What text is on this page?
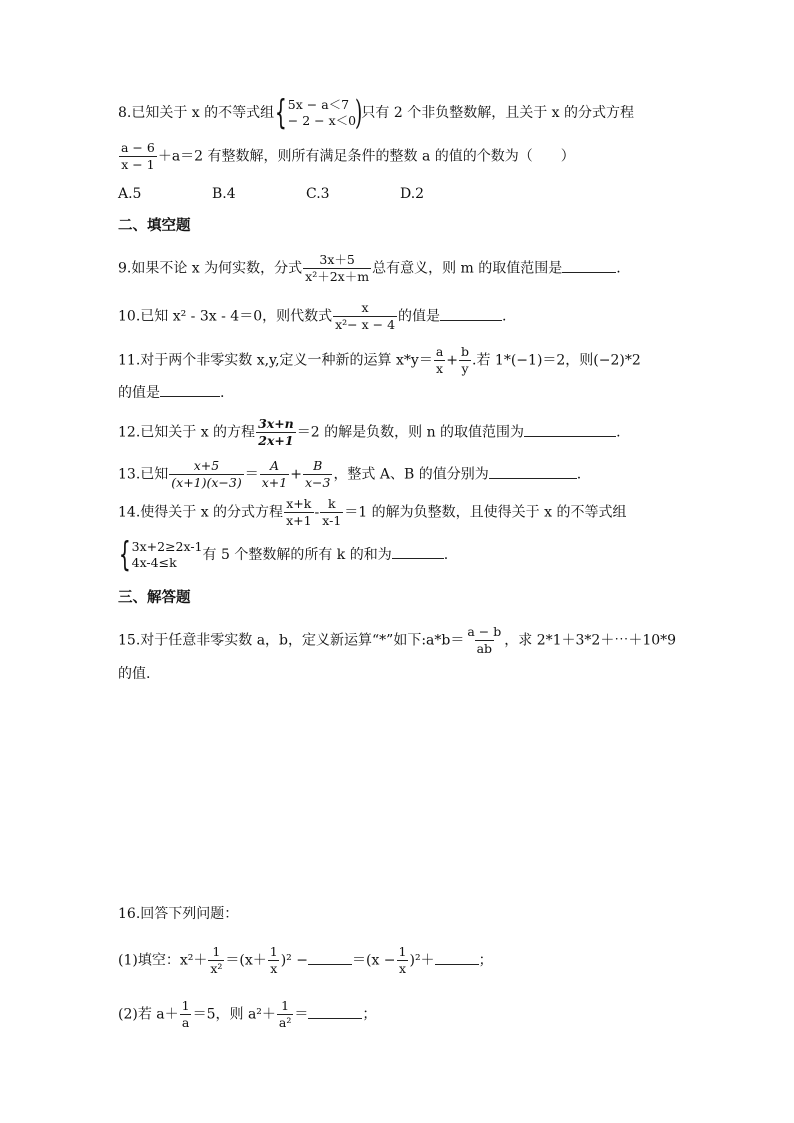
8.已知关于 x 的不等式组 { 5x − a＜7
− 2 − x＜0
)
只有 2 个非负整数解，且关于 x 的分式方程
$\frac{a - 6}{x - 1} +a=2$ 有整数解，则所有满足条件的整数 a 的值的个数为（　　）
A.5	B.4	C.3	D.2
二、填空题
9.如果不论 x 为何实数，分式 $\frac{3x+5}{\text{x²＋2x＋m}}$ 总有意义，则 m 的取值范围是	.
10.已知 x² - 3x - 4＝0，则代数式 $\frac{x}{\text{x²− x − 4}}$ 的值是	.
11.对于两个非零实数 x,y,定义一种新的运算 $x*y= \frac{a}{x} + \frac{b}{y}$ .若 1*(−1)＝2，则(−2)*2
的值是	.
12.已知关于 x 的方程 $\frac{3x+n}{2x+1} =2$ 的解是负数，则 n 的取值范围为	.
13.已知 $\frac{x+5}{(x+1)(x-3)} = \frac{A}{x+1} + \frac{B}{x-3}$ ，整式 A、B 的值分别为	.
14.使得关于 x 的分式方程 $\frac{x+k}{x+1} - \frac{k}{x-1} =1$ 的解为负整数，且使得关于 x 的不等式组
{ 3x+2≥2x-1
4x-4≤k	有 5 个整数解的所有 k 的和为	.
三、解答题
15.对于任意非零实数 a，b，定义新运算“*”如下:a*b＝ $\frac{a - b}{ab}$ ，求 2*1＋3*2＋⋯＋10*9
的值.
16.回答下列问题：
(1)填空：$x^2+ \frac{1}{\text{x²}} =(x+ \frac{1}{x} )^2$ −	$=(x - \frac{1}{x} )^2+$	；
(2)若 $a+ \frac{1}{a} =5$，则 $a^2+ \frac{1}{\text{a²}}$ ＝	；
